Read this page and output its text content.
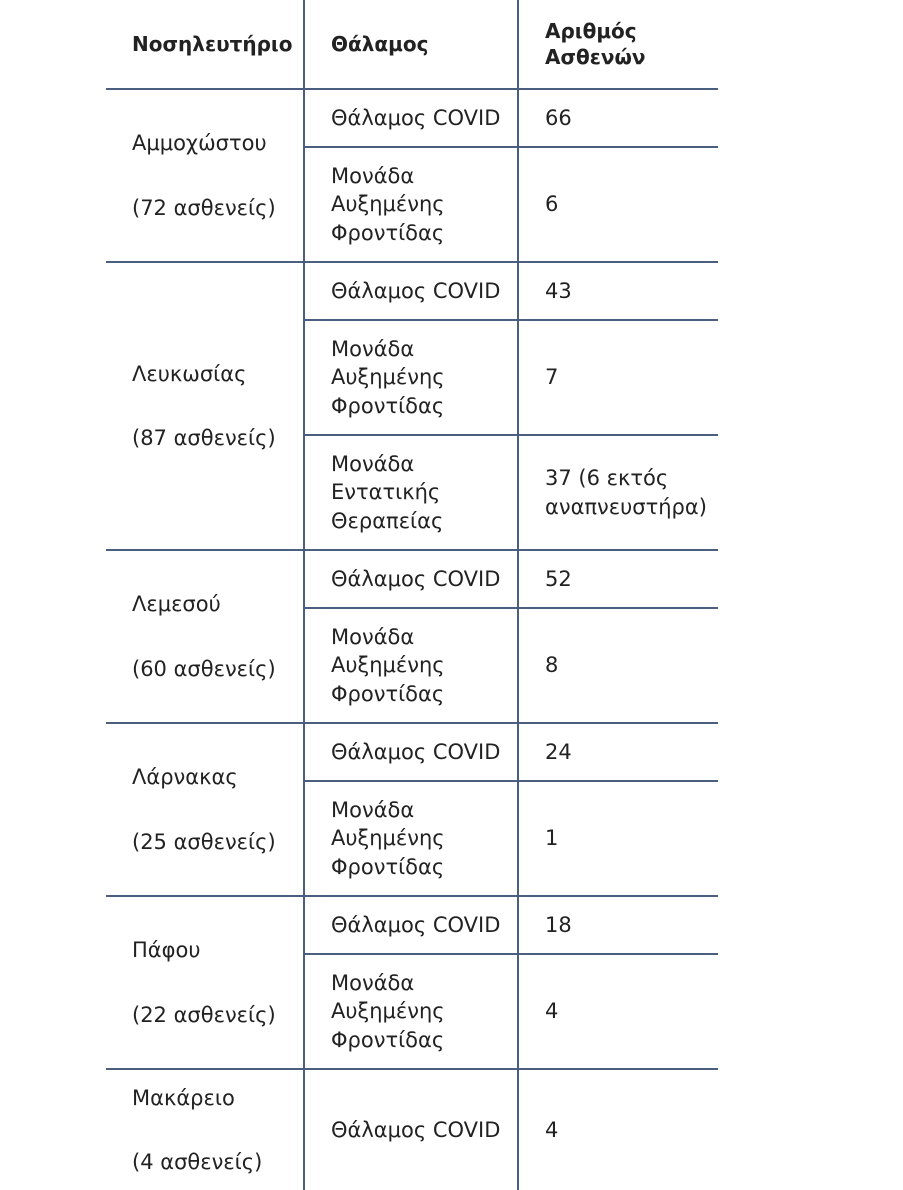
Νοσηλευτήριο	Θάλαμος	Αριθμός
Ασθενών

Αμμοχώστου
(72 ασθενείς)	Θάλαμος COVID	66
	Μονάδα Αυξημένης Φροντίδας	6

Λευκωσίας
(87 ασθενείς)	Θάλαμος COVID	43
	Μονάδα Αυξημένης Φροντίδας	7
	Μονάδα Εντατικής Θεραπείας	37 (6 εκτός αναπνευστήρα)

Λεμεσού
(60 ασθενείς)	Θάλαμος COVID	52
	Μονάδα Αυξημένης Φροντίδας	8

Λάρνακας
(25 ασθενείς)	Θάλαμος COVID	24
	Μονάδα Αυξημένης Φροντίδας	1

Πάφου
(22 ασθενείς)	Θάλαμος COVID	18
	Μονάδα Αυξημένης Φροντίδας	4

Μακάρειο
(4 ασθενείς)	Θάλαμος COVID	4
